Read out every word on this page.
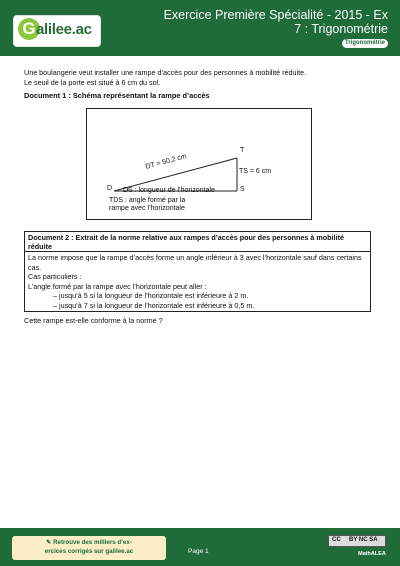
G alilee.ac
Exercice Première Spécialité - 2015 - Ex
7 : Trigonométrie
Trigonométrie
Une boulangerie veut installer une rampe d’accès pour des personnes à mobilité réduite.
Le seuil de la porte est situé à 6 cm du sol.
Document 1 : Schéma représentant la rampe d’accès
T
D	S
DT = 50,2 cm
TS = 6 cm
DS : longueur de l’horizontale
TDS : angle formé par la
rampe avec l’horizontale
Document 2 : Extrait de la norme relative aux rampes d’accès pour des personnes à mobilité réduite
La norme impose que la rampe d’accès forme un angle inférieur à 3 avec l’horizontale sauf dans certains
cas.
Cas particuliers :
L’angle formé par la rampe avec l’horizontale peut aller :
– jusqu’à 5 si la longueur de l’horizontale est inférieure à 2 m.
– jusqu’à 7 si la longueur de l’horizontale est inférieure à 0,5 m.
Cette rampe est-elle conforme à la norme ?
✎ Retrouve des milliers d’ex-
ercices corrigés sur galilee.ac	Page 1
CC BY NC SA
MathALEA
